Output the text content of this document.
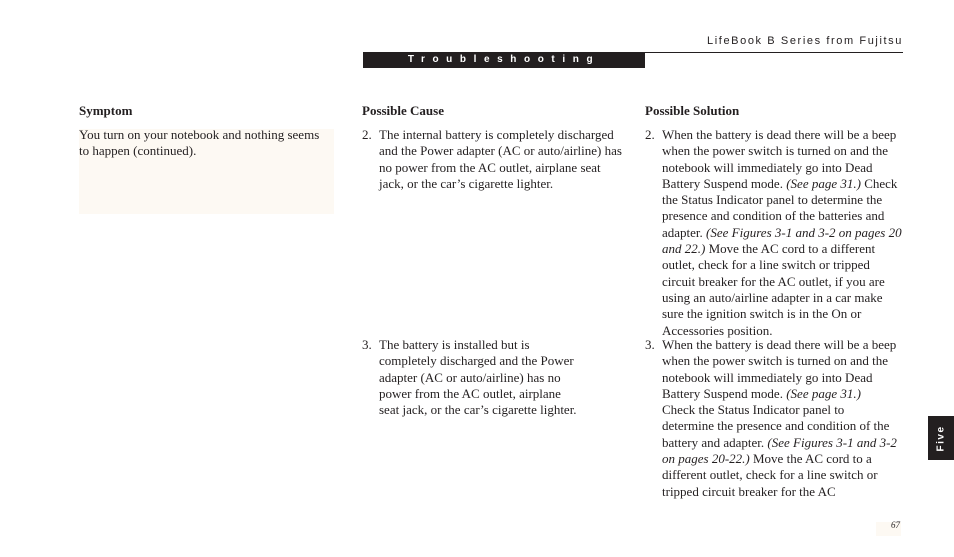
LifeBook B Series from Fujitsu
Troubleshooting
Symptom	Possible Cause	Possible Solution
You turn on your notebook and nothing seems to happen (continued).
2. The internal battery is completely discharged and the Power adapter (AC or auto/airline) has no power from the AC outlet, airplane seat jack, or the car’s cigarette lighter.
2. When the battery is dead there will be a beep when the power switch is turned on and the notebook will immediately go into Dead Battery Suspend mode. (See page 31.) Check the Status Indicator panel to determine the presence and condition of the batteries and adapter. (See Figures 3-1 and 3-2 on pages 20 and 22.) Move the AC cord to a different outlet, check for a line switch or tripped circuit breaker for the AC outlet, if you are using an auto/airline adapter in a car make sure the ignition switch is in the On or Accessories position.
3. The battery is installed but is completely discharged and the Power adapter (AC or auto/airline) has no power from the AC outlet, airplane seat jack, or the car’s cigarette lighter.
3. When the battery is dead there will be a beep when the power switch is turned on and the notebook will immediately go into Dead Battery Suspend mode. (See page 31.) Check the Status Indicator panel to determine the presence and condition of the battery and adapter. (See Figures 3-1 and 3-2 on pages 20-22.) Move the AC cord to a different outlet, check for a line switch or tripped circuit breaker for the AC
Five
67
